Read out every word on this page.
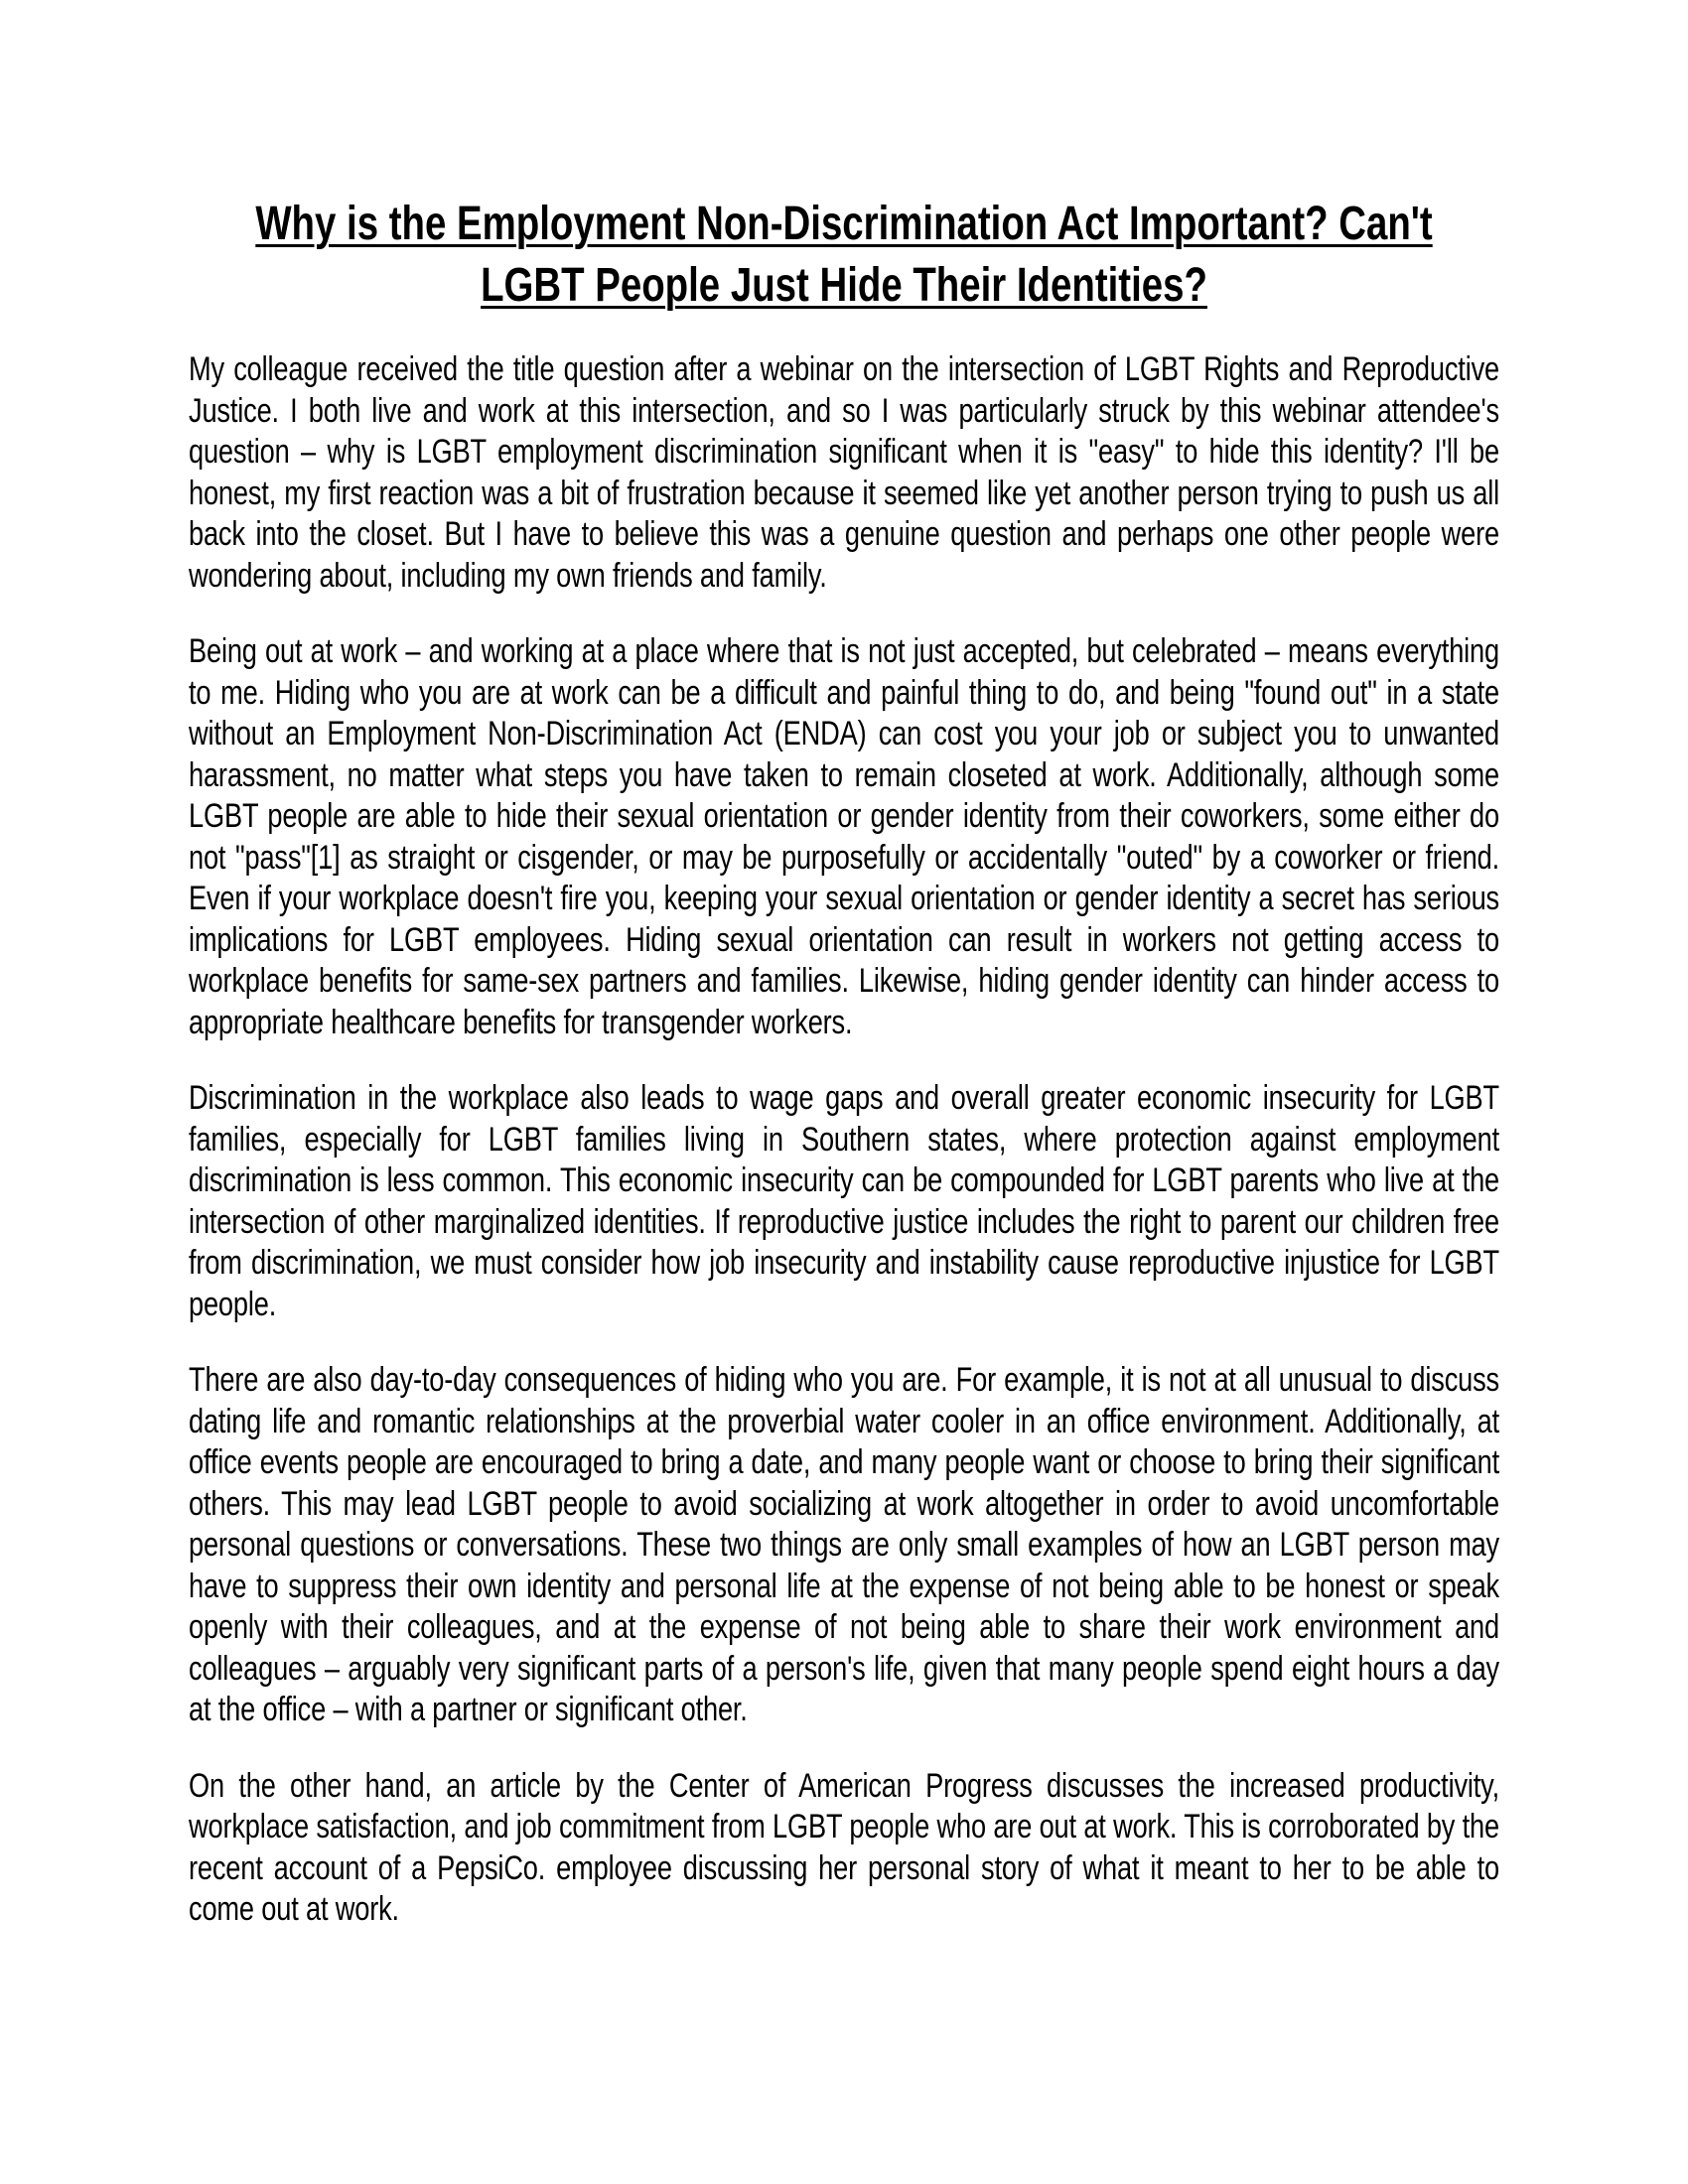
Why is the Employment Non-Discrimination Act Important? Can't
LGBT People Just Hide Their Identities?

My colleague received the title question after a webinar on the intersection of LGBT Rights and Reproductive Justice. I both live and work at this intersection, and so I was particularly struck by this webinar attendee's question – why is LGBT employment discrimination significant when it is "easy" to hide this identity? I'll be honest, my first reaction was a bit of frustration because it seemed like yet another person trying to push us all back into the closet. But I have to believe this was a genuine question and perhaps one other people were wondering about, including my own friends and family.

Being out at work – and working at a place where that is not just accepted, but celebrated – means everything to me. Hiding who you are at work can be a difficult and painful thing to do, and being "found out" in a state without an Employment Non-Discrimination Act (ENDA) can cost you your job or subject you to unwanted harassment, no matter what steps you have taken to remain closeted at work. Additionally, although some LGBT people are able to hide their sexual orientation or gender identity from their coworkers, some either do not "pass"[1] as straight or cisgender, or may be purposefully or accidentally "outed" by a coworker or friend. Even if your workplace doesn't fire you, keeping your sexual orientation or gender identity a secret has serious implications for LGBT employees. Hiding sexual orientation can result in workers not getting access to workplace benefits for same-sex partners and families. Likewise, hiding gender identity can hinder access to appropriate healthcare benefits for transgender workers.

Discrimination in the workplace also leads to wage gaps and overall greater economic insecurity for LGBT families, especially for LGBT families living in Southern states, where protection against employment discrimination is less common. This economic insecurity can be compounded for LGBT parents who live at the intersection of other marginalized identities. If reproductive justice includes the right to parent our children free from discrimination, we must consider how job insecurity and instability cause reproductive injustice for LGBT people.

There are also day-to-day consequences of hiding who you are. For example, it is not at all unusual to discuss dating life and romantic relationships at the proverbial water cooler in an office environment. Additionally, at office events people are encouraged to bring a date, and many people want or choose to bring their significant others. This may lead LGBT people to avoid socializing at work altogether in order to avoid uncomfortable personal questions or conversations. These two things are only small examples of how an LGBT person may have to suppress their own identity and personal life at the expense of not being able to be honest or speak openly with their colleagues, and at the expense of not being able to share their work environment and colleagues – arguably very significant parts of a person's life, given that many people spend eight hours a day at the office – with a partner or significant other.

On the other hand, an article by the Center of American Progress discusses the increased productivity, workplace satisfaction, and job commitment from LGBT people who are out at work. This is corroborated by the recent account of a PepsiCo. employee discussing her personal story of what it meant to her to be able to come out at work.
